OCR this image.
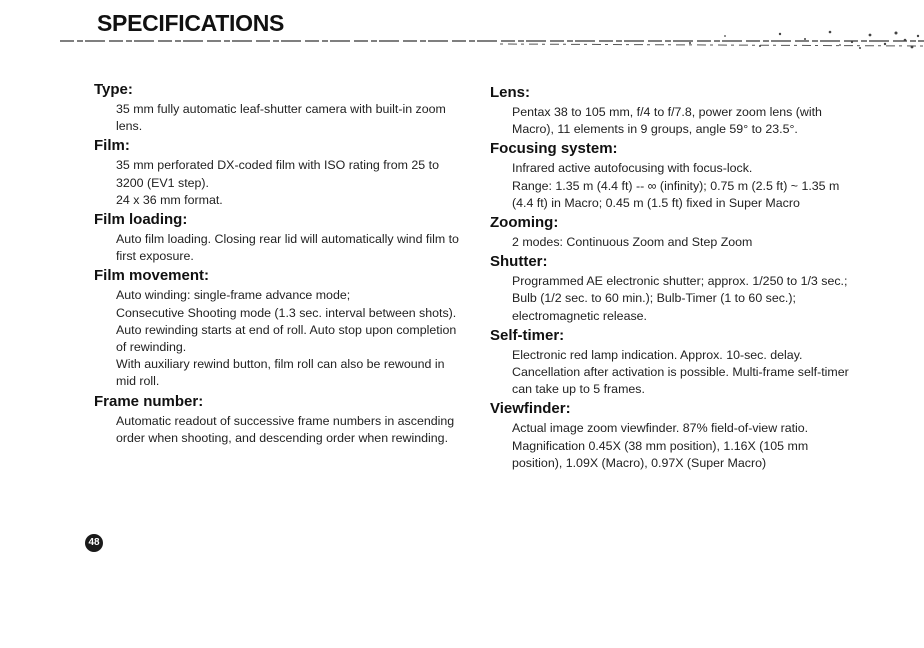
SPECIFICATIONS
Type:

35 mm fully automatic leaf-shutter camera with built-in zoom lens.

Film:

35 mm perforated DX-coded film with ISO rating from 25 to 3200 (EV1 step).

24 x 36 mm format.

Film loading:

Auto film loading. Closing rear lid will automatically wind film to first exposure.

Film movement:

Auto winding: single-frame advance mode;

Consecutive Shooting mode (1.3 sec. interval between shots).

Auto rewinding starts at end of roll. Auto stop upon completion of rewinding.

With auxiliary rewind button, film roll can also be rewound in mid roll.

Frame number:

Automatic readout of successive frame numbers in ascending order when shooting, and descending order when rewinding.

Lens:

Pentax 38 to 105 mm, f/4 to f/7.8, power zoom lens (with Macro), 11 elements in 9 groups, angle 59° to 23.5°.

Focusing system:

Infrared active autofocusing with focus-lock.

Range: 1.35 m (4.4 ft) -- ∞ (infinity); 0.75 m (2.5 ft) ~ 1.35 m (4.4 ft) in Macro; 0.45 m (1.5 ft) fixed in Super Macro

Zooming:

2 modes: Continuous Zoom and Step Zoom

Shutter:

Programmed AE electronic shutter; approx. 1/250 to 1/3 sec.; Bulb (1/2 sec. to 60 min.); Bulb-Timer (1 to 60 sec.); electromagnetic release.

Self-timer:

Electronic red lamp indication. Approx. 10-sec. delay. Cancellation after activation is possible. Multi-frame self-timer can take up to 5 frames.

Viewfinder:

Actual image zoom viewfinder. 87% field-of-view ratio. Magnification 0.45X (38 mm position), 1.16X (105 mm position), 1.09X (Macro), 0.97X (Super Macro)

48
